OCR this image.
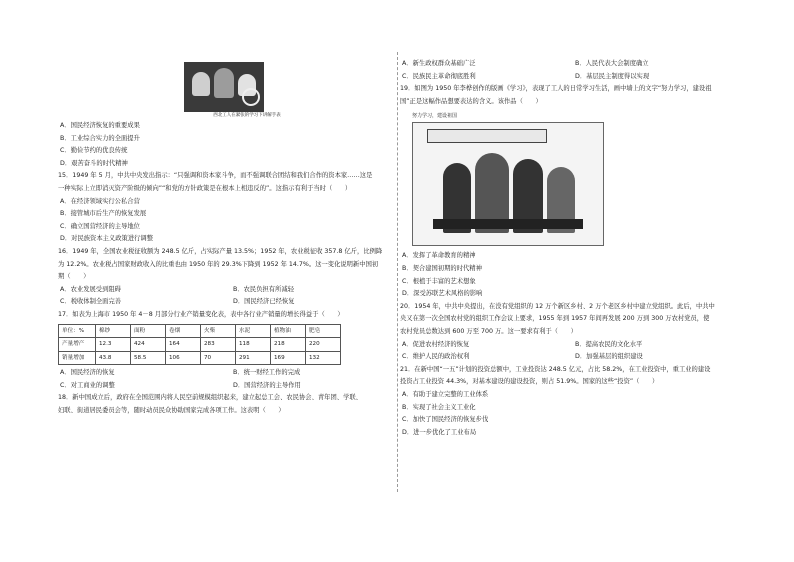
西北工人在紧张的学习下讲解手表
A．国民经济恢复的重要成果
B．工业综合实力的全面提升
C．勤俭节约的优良传统
D．艰苦奋斗的时代精神
15．1949 年 5 月，中共中央发出指示：“只强调和资本家斗争，而不强调联合团结和我们合作的资本家……这是
一种实际上立即消灭资产阶级的倾向”“和党的方针政策是在根本上相违反的”。这指示有利于当时（　　）
A．在经济领域实行公私合营
B．接管城市后生产的恢复发展
C．确立国营经济的主导地位
D．对民族资本主义政策进行调整
16．1949 年，全国农业税征收额为 248.5 亿斤，占实际产量 13.5%；1952 年，农业税征收 357.8 亿斤，比例降
为 12.2%。农业税占国家财政收入的比重也由 1950 年的 29.3%下降到 1952 年 14.7%。这一变化说明新中国初
期（　　）
A．农业发展受到阻碍	B．农民负担有所减轻
C．税收体制全面完善	D．国民经济已经恢复
17．如表为上海市 1950 年 4－8 月部分行业产销量变化表，表中各行业产销量的增长得益于（　　）
单位：%	棉纱	面粉	卷烟	火柴	水泥	植物油	肥皂
产量增产	12.3	424	164	283	118	218	220
销量增加	43.8	58.5	106	70	291	169	132
A．国民经济的恢复	B．统一财经工作的完成
C．对工商业的调整	D．国营经济的主导作用
18．新中国成立后，政府在全国范围内将人民空前规模组织起来，建立起总工会、农民协会、青年团、学联、
妇联、街道居民委员会等，随时动员民众协助国家完成各项工作。这表明（　　）
A．新生政权群众基础广泛	B．人民代表大会制度确立
C．民族民主革命彻底胜利	D．基层民主制度得以实现
19．如图为 1950 年李桦创作的版画《学习》，表现了工人的日常学习生活，画中墙上的文字“努力学习，建设祖
国”正是这幅作品想要表达的含义。该作品（　　）
努力学习，建设祖国
A．发挥了革命教育的精神
B．契合建国初期的时代精神
C．根植于丰富的艺术想象
D．深受苏联艺术风格的影响
20．1954 年，中共中央提出，在没有党组织的 12 万个新区乡村、2 万个老区乡村中建立党组织。此后，中共中
央又在第一次全国农村党的组织工作会议上要求，1955 年到 1957 年间再发展 200 万到 300 万农村党员，使
农村党员总数达到 600 万至 700 万。这一要求有利于（　　）
A．促进农村经济的恢复	B．提高农民的文化水平
C．维护人民的政治权利	D．加强基层的组织建设
21．在新中国“一五”计划的投资总额中，工业投资达 248.5 亿元，占比 58.2%，在工业投资中，重工业的建设
投资占工业投资 44.3%，对基本建设的建设投资，则占 51.9%。国家的这些“投资”（　　）
A．有助于建立完整的工业体系
B．实现了社会主义工业化
C．加快了国民经济的恢复步伐
D．进一步优化了工业布局
